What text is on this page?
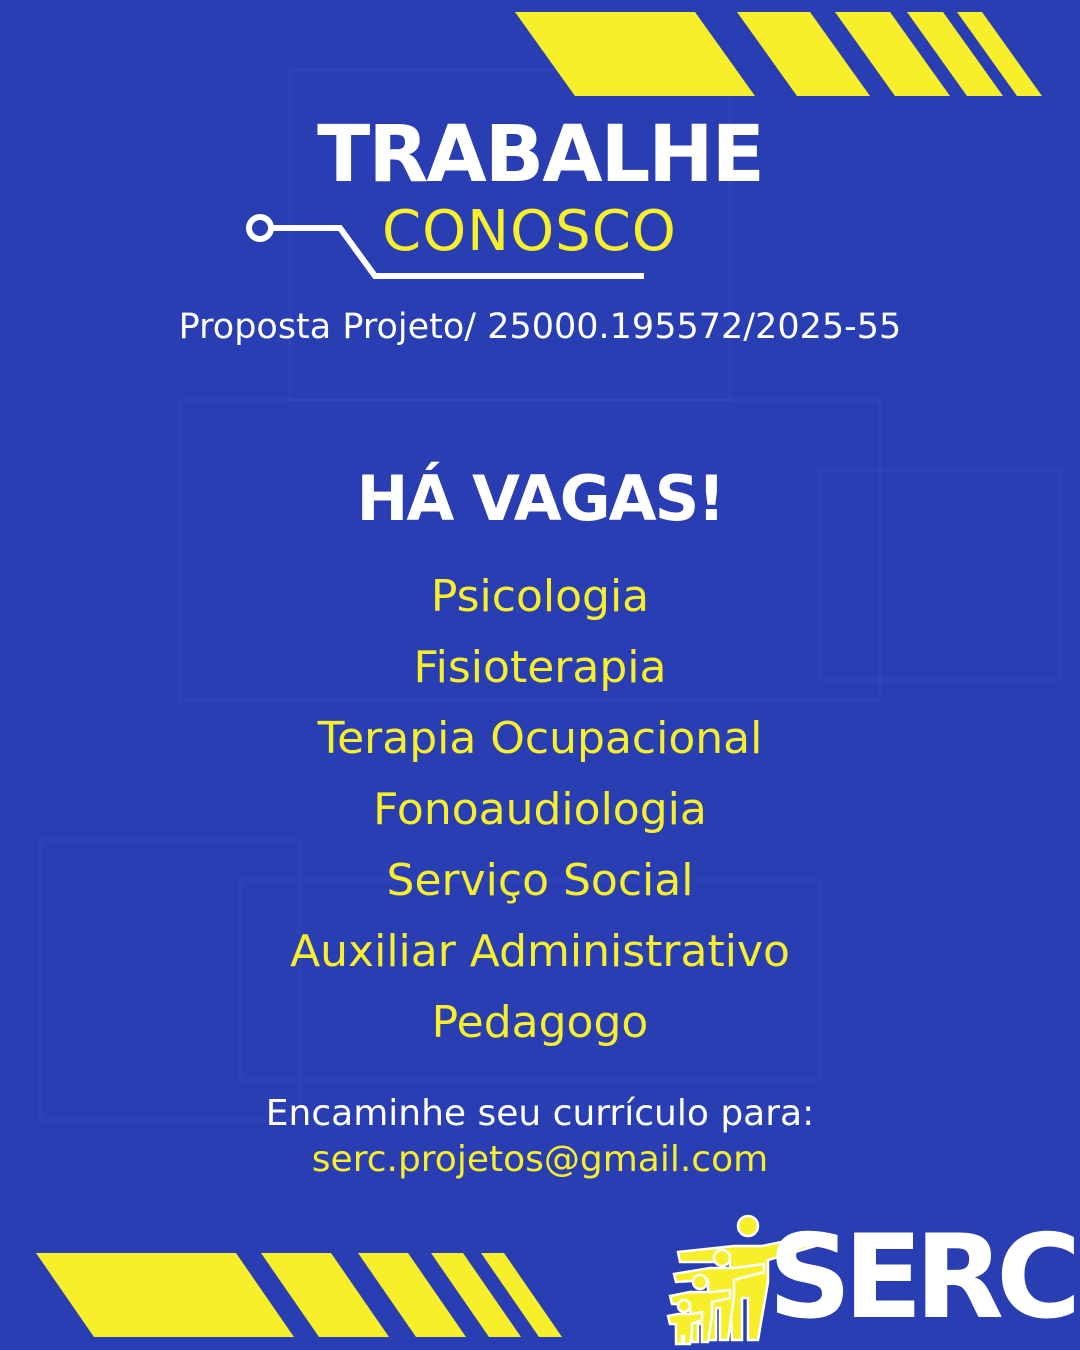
TRABALHE
CONOSCO
Proposta Projeto/ 25000.195572/2025-55
HÁ VAGAS!
Psicologia
Fisioterapia
Terapia Ocupacional
Fonoaudiologia
Serviço Social
Auxiliar Administrativo
Pedagogo
Encaminhe seu currículo para:
serc.projetos@gmail.com
SERC
